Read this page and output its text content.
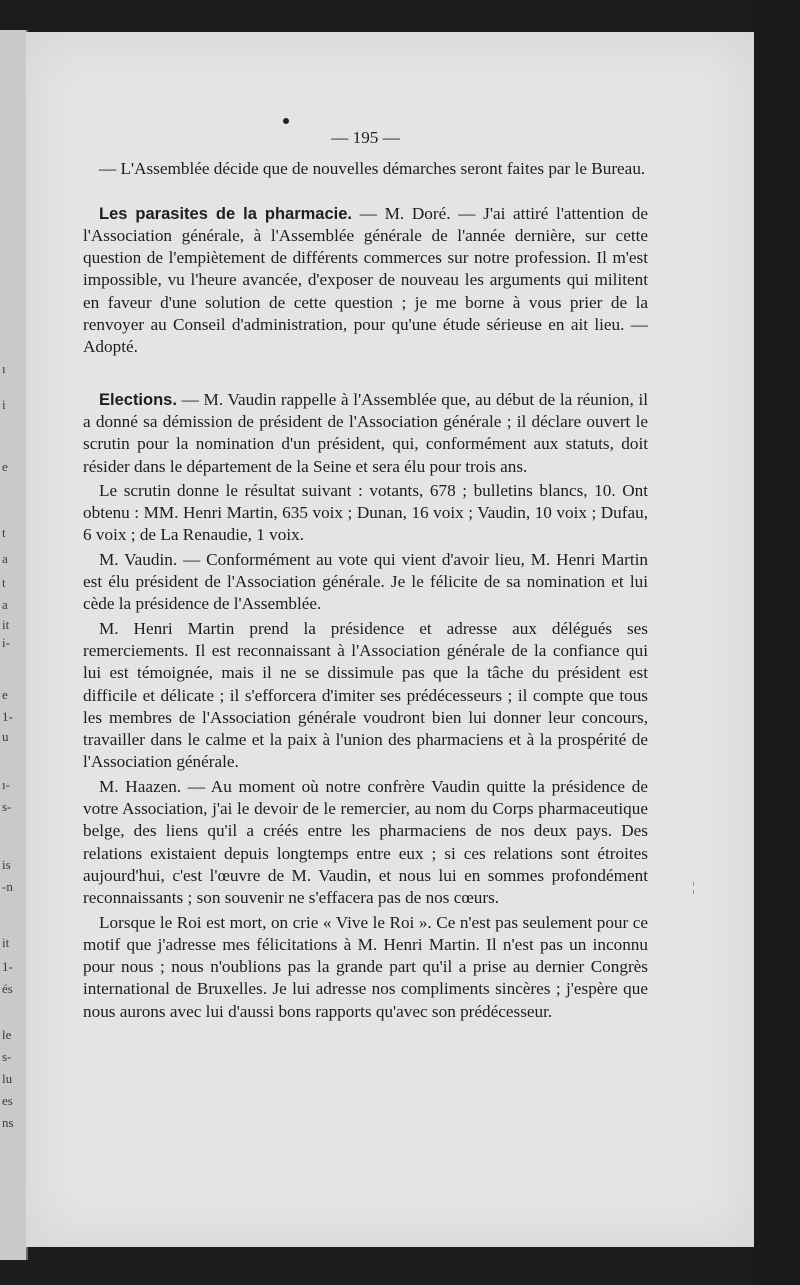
ı
i
e
t
a
t
a
it
i-
e
1-
u
ı-
s-
is
-n
it
1-
és
le
s-
lu
es
ns
¦

— 195 —

— L'Assemblée décide que de nouvelles démarches seront faites par le Bureau.

Les parasites de la pharmacie. — M. Doré. — J'ai attiré l'attention de l'Association générale, à l'Assemblée générale de l'année dernière, sur cette question de l'empiètement de différents commerces sur notre profession. Il m'est impossible, vu l'heure avancée, d'exposer de nouveau les arguments qui militent en faveur d'une solution de cette question ; je me borne à vous prier de la renvoyer au Conseil d'administration, pour qu'une étude sérieuse en ait lieu. — Adopté.

Elections. — M. Vaudin rappelle à l'Assemblée que, au début de la réunion, il a donné sa démission de président de l'Association générale ; il déclare ouvert le scrutin pour la nomination d'un président, qui, conformément aux statuts, doit résider dans le département de la Seine et sera élu pour trois ans.

Le scrutin donne le résultat suivant : votants, 678 ; bulletins blancs, 10. Ont obtenu : MM. Henri Martin, 635 voix ; Dunan, 16 voix ; Vaudin, 10 voix ; Dufau, 6 voix ; de La Renaudie, 1 voix.

M. Vaudin. — Conformément au vote qui vient d'avoir lieu, M. Henri Martin est élu président de l'Association générale. Je le félicite de sa nomination et lui cède la présidence de l'Assemblée.

M. Henri Martin prend la présidence et adresse aux délégués ses remerciements. Il est reconnaissant à l'Association générale de la confiance qui lui est témoignée, mais il ne se dissimule pas que la tâche du président est difficile et délicate ; il s'efforcera d'imiter ses prédécesseurs ; il compte que tous les membres de l'Association générale voudront bien lui donner leur concours, travailler dans le calme et la paix à l'union des pharmaciens et à la prospérité de l'Association générale.

M. Haazen. — Au moment où notre confrère Vaudin quitte la présidence de votre Association, j'ai le devoir de le remercier, au nom du Corps pharmaceutique belge, des liens qu'il a créés entre les pharmaciens de nos deux pays. Des relations existaient depuis longtemps entre eux ; si ces relations sont étroites aujourd'hui, c'est l'œuvre de M. Vaudin, et nous lui en sommes profondément reconnaissants ; son souvenir ne s'effacera pas de nos cœurs.

Lorsque le Roi est mort, on crie « Vive le Roi ». Ce n'est pas seulement pour ce motif que j'adresse mes félicitations à M. Henri Martin. Il n'est pas un inconnu pour nous ; nous n'oublions pas la grande part qu'il a prise au dernier Congrès international de Bruxelles. Je lui adresse nos compliments sincères ; j'espère que nous aurons avec lui d'aussi bons rapports qu'avec son prédécesseur.
